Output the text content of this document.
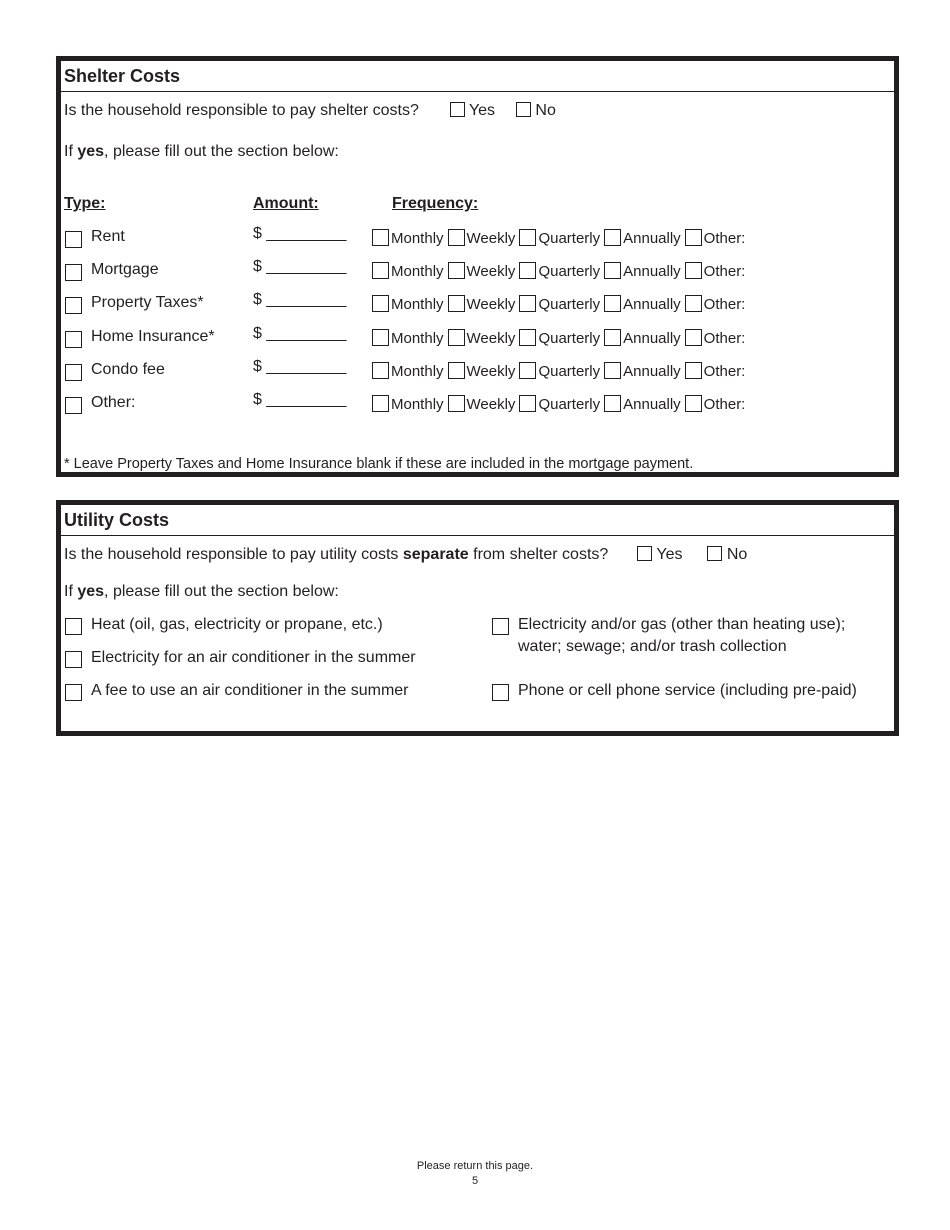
Shelter Costs
Is the household responsible to pay shelter costs?	Yes	No
If yes, please fill out the section below:
Type:	Amount:	Frequency:
Rent	$ _________	Monthly Weekly Quarterly Annually Other:
Mortgage	$ _________	Monthly Weekly Quarterly Annually Other:
Property Taxes*	$ _________	Monthly Weekly Quarterly Annually Other:
Home Insurance* $ _________	Monthly Weekly Quarterly Annually Other:
Condo fee	$ _________	Monthly Weekly Quarterly Annually Other:
Other:	$ _________	Monthly Weekly Quarterly Annually Other:
* Leave Property Taxes and Home Insurance blank if these are included in the mortgage payment.
Utility Costs
Is the household responsible to pay utility costs separate from shelter costs?	Yes	No
If yes, please fill out the section below:
Heat (oil, gas, electricity or propane, etc.)
Electricity for an air conditioner in the summer
A fee to use an air conditioner in the summer
Electricity and/or gas (other than heating use);
water; sewage; and/or trash collection
Phone or cell phone service (including pre-paid)
Please return this page.
5
